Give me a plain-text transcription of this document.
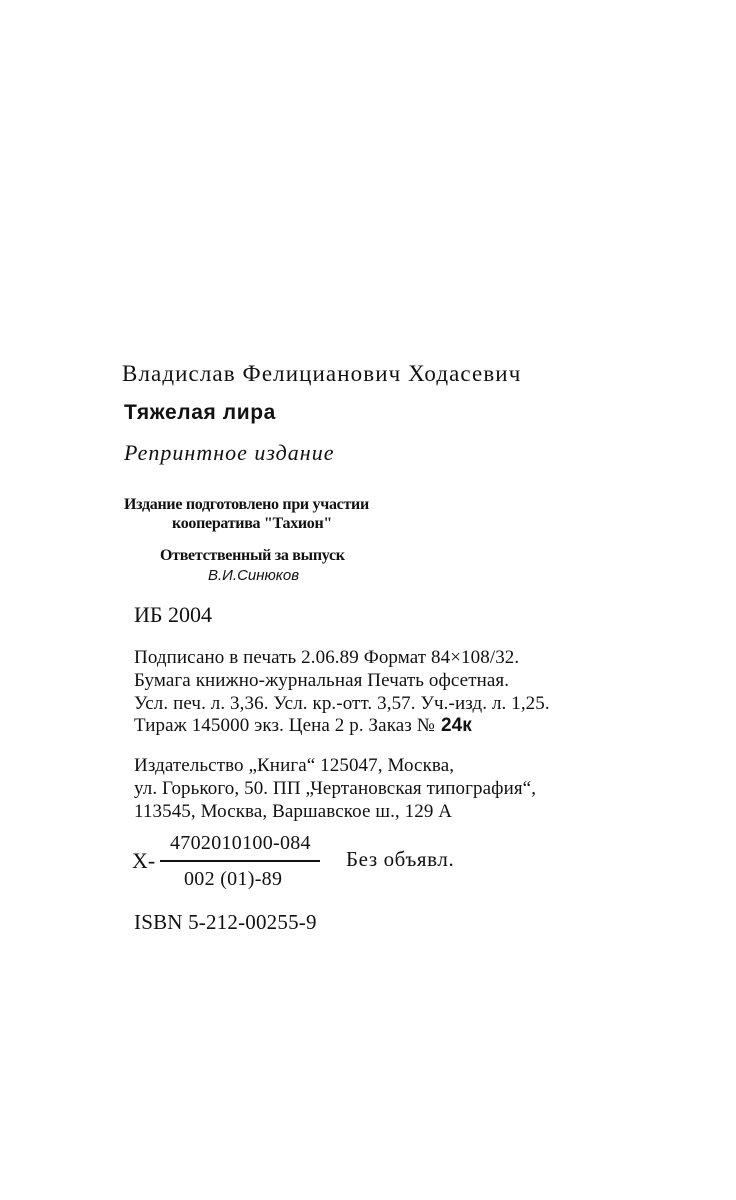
Владислав Фелицианович Ходасевич
Тяжелая лира
Репринтное издание
Издание подготовлено при участии
кооператива "Тахион"
Ответственный за выпуск
В.И.Синюков
ИБ 2004
Подписано в печать 2.06.89 Формат 84×108/32.
Бумага книжно-журнальная Печать офсетная.
Усл. печ. л. 3,36. Усл. кр.-отт. 3,57. Уч.-изд. л. 1,25.
Тираж 145000 экз. Цена 2 р. Заказ № 24к
Издательство „Книга“ 125047, Москва,
ул. Горького, 50. ПП „Чертановская типография“,
113545, Москва, Варшавское ш., 129 А
Х-
4702010100-084
002 (01)-89
Без объявл.
ISBN 5-212-00255-9
